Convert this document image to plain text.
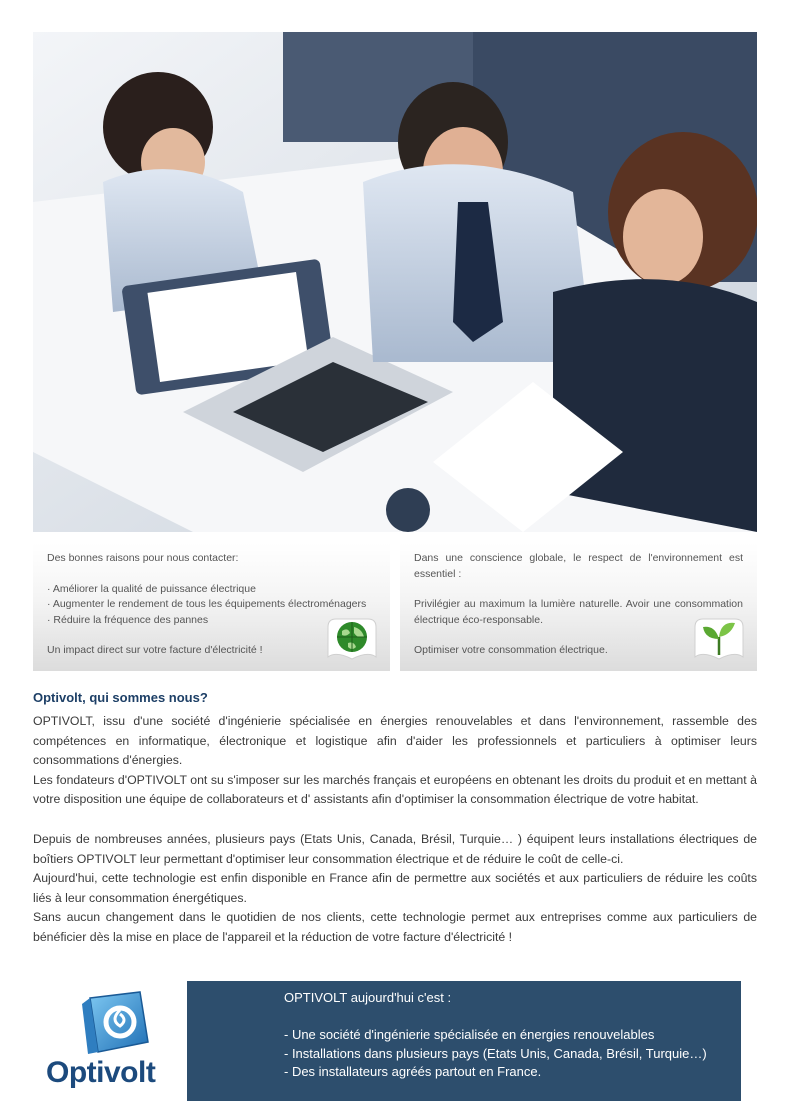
Des bonnes raisons pour nous contacter:

· Améliorer la qualité de puissance électrique

· Augmenter le rendement de tous les équipements électroménagers

· Réduire la fréquence des pannes

Un impact direct sur votre facture d'électricité !

Dans une conscience globale, le respect de l'environnement est essentiel :

Privilégier au maximum la lumière naturelle. Avoir une consommation électrique éco-responsable.

Optimiser votre consommation électrique.

Optivolt, qui sommes nous?

OPTIVOLT, issu d'une société d'ingénierie spécialisée en énergies renouvelables et dans l'environnement, rassemble des compétences en informatique, électronique et logistique afin d'aider les professionnels et particuliers à optimiser leurs consommations d'énergies.

Les fondateurs d'OPTIVOLT ont su s'imposer sur les marchés français et européens en obtenant les droits du produit et en mettant à votre disposition une équipe de collaborateurs et d' assistants afin d'optimiser la consommation électrique de votre habitat.

Depuis de nombreuses années, plusieurs pays (Etats Unis, Canada, Brésil, Turquie… ) équipent leurs installations électriques de boîtiers OPTIVOLT leur permettant d'optimiser leur consommation électrique et de réduire le coût de celle-ci.

Aujourd'hui, cette technologie est enfin disponible en France afin de permettre aux sociétés et aux particuliers de réduire les coûts liés à leur consommation énergétiques.

Sans aucun changement dans le quotidien de nos clients, cette technologie permet aux entreprises comme aux particuliers de bénéficier dès la mise en place de l'appareil et la réduction de votre facture d'électricité !

Optivolt

OPTIVOLT aujourd'hui c'est :

- Une société d'ingénierie spécialisée en énergies renouvelables

- Installations dans plusieurs pays (Etats Unis, Canada, Brésil, Turquie…)

- Des installateurs agréés partout en France.
